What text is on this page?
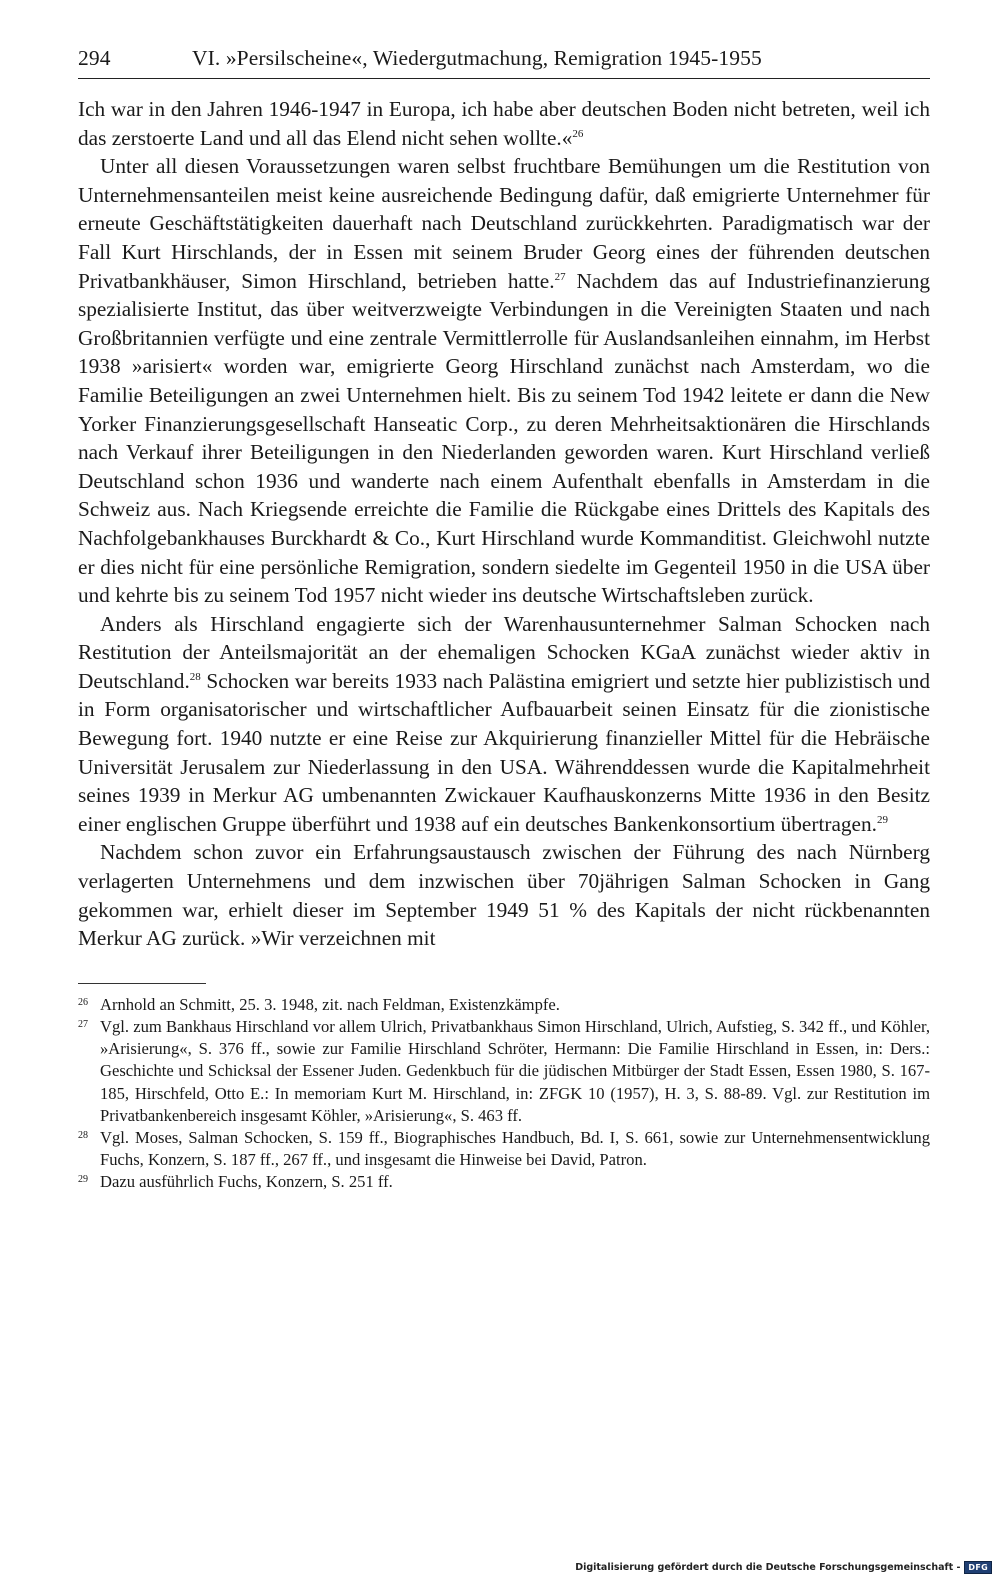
294	VI. »Persilscheine«, Wiedergutmachung, Remigration 1945-1955

Ich war in den Jahren 1946-1947 in Europa, ich habe aber deutschen Boden nicht betreten, weil ich das zerstoerte Land und all das Elend nicht sehen wollte.«$^{26}$

Unter all diesen Voraussetzungen waren selbst fruchtbare Bemühungen um die Restitution von Unternehmensanteilen meist keine ausreichende Bedingung dafür, daß emigrierte Unternehmer für erneute Geschäftstätigkeiten dauerhaft nach Deutschland zurückkehrten. Paradigmatisch war der Fall Kurt Hirschlands, der in Essen mit seinem Bruder Georg eines der führenden deutschen Privatbankhäuser, Simon Hirschland, betrieben hatte.$^{27}$ Nachdem das auf Industriefinanzierung spezialisierte Institut, das über weitverzweigte Verbindungen in die Vereinigten Staaten und nach Großbritannien verfügte und eine zentrale Vermittlerrolle für Auslandsanleihen einnahm, im Herbst 1938 »arisiert« worden war, emigrierte Georg Hirschland zunächst nach Amsterdam, wo die Familie Beteiligungen an zwei Unternehmen hielt. Bis zu seinem Tod 1942 leitete er dann die New Yorker Finanzierungsgesellschaft Hanseatic Corp., zu deren Mehrheitsaktionären die Hirschlands nach Verkauf ihrer Beteiligungen in den Niederlanden geworden waren. Kurt Hirschland verließ Deutschland schon 1936 und wanderte nach einem Aufenthalt ebenfalls in Amsterdam in die Schweiz aus. Nach Kriegsende erreichte die Familie die Rückgabe eines Drittels des Kapitals des Nachfolgebankhauses Burckhardt & Co., Kurt Hirschland wurde Kommanditist. Gleichwohl nutzte er dies nicht für eine persönliche Remigration, sondern siedelte im Gegenteil 1950 in die USA über und kehrte bis zu seinem Tod 1957 nicht wieder ins deutsche Wirtschaftsleben zurück.

Anders als Hirschland engagierte sich der Warenhausunternehmer Salman Schocken nach Restitution der Anteilsmajorität an der ehemaligen Schocken KGaA zunächst wieder aktiv in Deutschland.$^{28}$ Schocken war bereits 1933 nach Palästina emigriert und setzte hier publizistisch und in Form organisatorischer und wirtschaftlicher Aufbauarbeit seinen Einsatz für die zionistische Bewegung fort. 1940 nutzte er eine Reise zur Akquirierung finanzieller Mittel für die Hebräische Universität Jerusalem zur Niederlassung in den USA. Währenddessen wurde die Kapitalmehrheit seines 1939 in Merkur AG umbenannten Zwickauer Kaufhauskonzerns Mitte 1936 in den Besitz einer englischen Gruppe überführt und 1938 auf ein deutsches Bankenkonsortium übertragen.$^{29}$

Nachdem schon zuvor ein Erfahrungsaustausch zwischen der Führung des nach Nürnberg verlagerten Unternehmens und dem inzwischen über 70jährigen Salman Schocken in Gang gekommen war, erhielt dieser im September 1949 51 % des Kapitals der nicht rückbenannten Merkur AG zurück. »Wir verzeichnen mit

26 Arnhold an Schmitt, 25. 3. 1948, zit. nach Feldman, Existenzkämpfe.
27 Vgl. zum Bankhaus Hirschland vor allem Ulrich, Privatbankhaus Simon Hirschland, Ulrich, Aufstieg, S. 342 ff., und Köhler, »Arisierung«, S. 376 ff., sowie zur Familie Hirschland Schröter, Hermann: Die Familie Hirschland in Essen, in: Ders.: Geschichte und Schicksal der Essener Juden. Gedenkbuch für die jüdischen Mitbürger der Stadt Essen, Essen 1980, S. 167-185, Hirschfeld, Otto E.: In memoriam Kurt M. Hirschland, in: ZFGK 10 (1957), H. 3, S. 88-89. Vgl. zur Restitution im Privatbankenbereich insgesamt Köhler, »Arisierung«, S. 463 ff.
28 Vgl. Moses, Salman Schocken, S. 159 ff., Biographisches Handbuch, Bd. I, S. 661, sowie zur Unternehmensentwicklung Fuchs, Konzern, S. 187 ff., 267 ff., und insgesamt die Hinweise bei David, Patron.
29 Dazu ausführlich Fuchs, Konzern, S. 251 ff.
Digitalisierung gefördert durch die Deutsche Forschungsgemeinschaft -	DFG
